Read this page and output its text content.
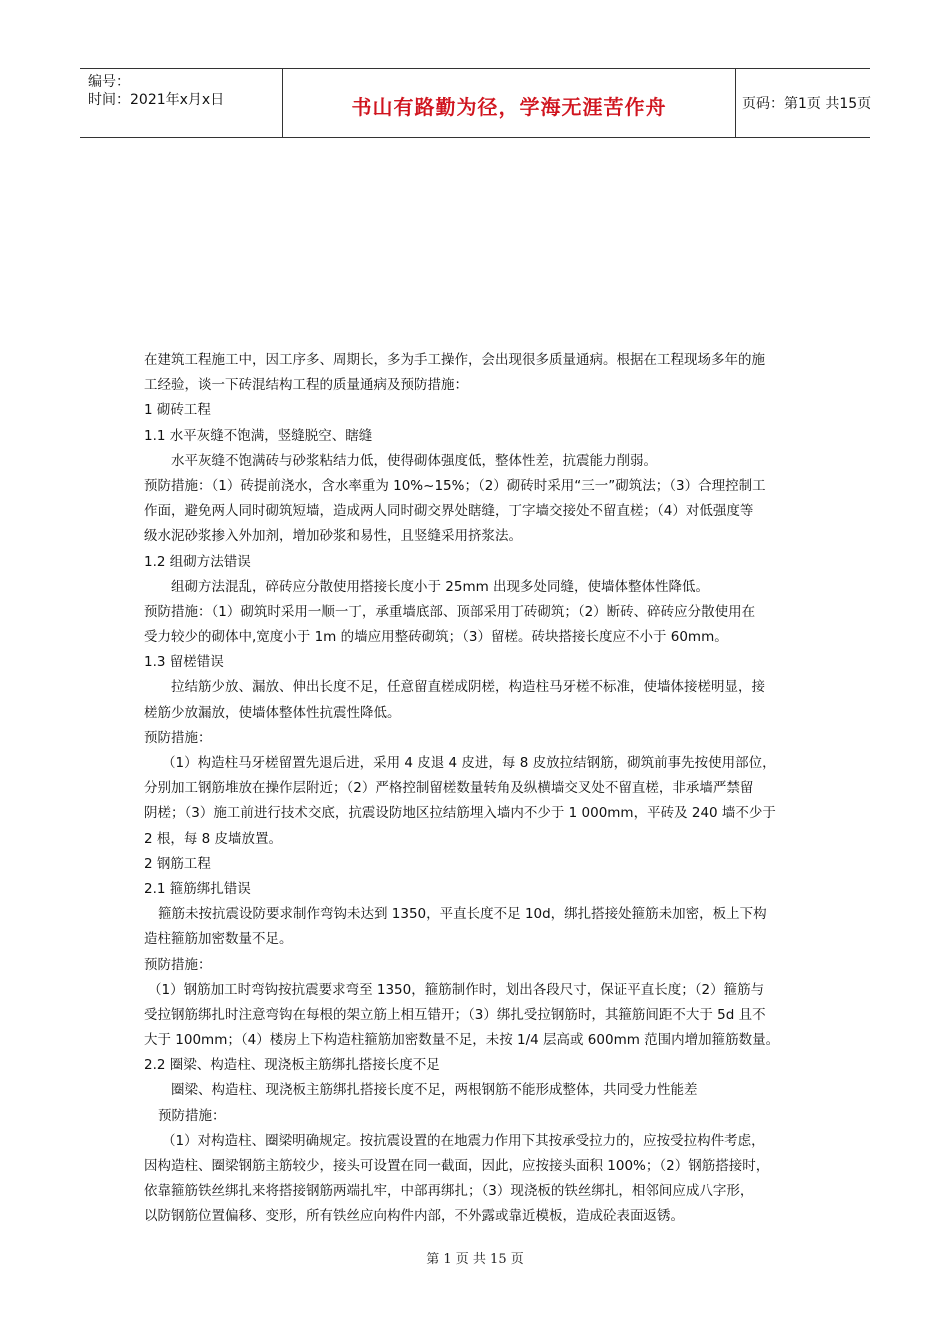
编号：
时间：2021年x月x日	书山有路勤为径，学海无涯苦作舟	页码：第1页 共15页
在建筑工程施工中，因工序多、周期长，多为手工操作，会出现很多质量通病。根据在工程现场多年的施
工经验，谈一下砖混结构工程的质量通病及预防措施：
1 砌砖工程
1.1 水平灰缝不饱满，竖缝脱空、瞎缝
水平灰缝不饱满砖与砂浆粘结力低，使得砌体强度低，整体性差，抗震能力削弱。
预防措施：（1）砖提前浇水，含水率重为 10%~15%；（2）砌砖时采用“三一”砌筑法；（3）合理控制工
作面，避免两人同时砌筑短墙，造成两人同时砌交界处瞎缝，丁字墙交接处不留直槎；（4）对低强度等
级水泥砂浆掺入外加剂，增加砂浆和易性，且竖缝采用挤浆法。
1.2 组砌方法错误
组砌方法混乱，碎砖应分散使用搭接长度小于 25mm 出现多处同缝，使墙体整体性降低。
预防措施：（1）砌筑时采用一顺一丁，承重墙底部、顶部采用丁砖砌筑；（2）断砖、碎砖应分散使用在
受力较少的砌体中,宽度小于 1m 的墙应用整砖砌筑；（3）留槎。砖块搭接长度应不小于 60mm。
1.3 留槎错误
拉结筋少放、漏放、伸出长度不足，任意留直槎成阴槎，构造柱马牙槎不标准，使墙体接槎明显，接
槎筋少放漏放，使墙体整体性抗震性降低。
预防措施：
（1）构造柱马牙槎留置先退后进，采用 4 皮退 4 皮进，每 8 皮放拉结钢筋，砌筑前事先按使用部位，
分别加工钢筋堆放在操作层附近；（2）严格控制留槎数量转角及纵横墙交叉处不留直槎，非承墙严禁留
阴槎；（3）施工前进行技术交底，抗震设防地区拉结筋埋入墙内不少于 1 000mm，平砖及 240 墙不少于
2 根，每 8 皮墙放置。
2 钢筋工程
2.1 箍筋绑扎错误
箍筋未按抗震设防要求制作弯钩未达到 1350，平直长度不足 10d，绑扎搭接处箍筋未加密，板上下构
造柱箍筋加密数量不足。
预防措施：
（1）钢筋加工时弯钩按抗震要求弯至 1350，箍筋制作时，划出各段尺寸，保证平直长度；（2）箍筋与
受拉钢筋绑扎时注意弯钩在每根的架立筋上相互错开；（3）绑扎受拉钢筋时，其箍筋间距不大于 5d 且不
大于 100mm；（4）楼房上下构造柱箍筋加密数量不足，未按 1/4 层高或 600mm 范围内增加箍筋数量。
2.2 圈梁、构造柱、现浇板主筋绑扎搭接长度不足
圈梁、构造柱、现浇板主筋绑扎搭接长度不足，两根钢筋不能形成整体，共同受力性能差
预防措施：
（1）对构造柱、圈梁明确规定。按抗震设置的在地震力作用下其按承受拉力的，应按受拉构件考虑，
因构造柱、圈梁钢筋主筋较少，接头可设置在同一截面，因此，应按接头面积 100%；（2）钢筋搭接时，
依靠箍筋铁丝绑扎来将搭接钢筋两端扎牢，中部再绑扎；（3）现浇板的铁丝绑扎，相邻间应成八字形，
以防钢筋位置偏移、变形，所有铁丝应向构件内部，不外露或靠近模板，造成砼表面返锈。
第 1 页 共 15 页
